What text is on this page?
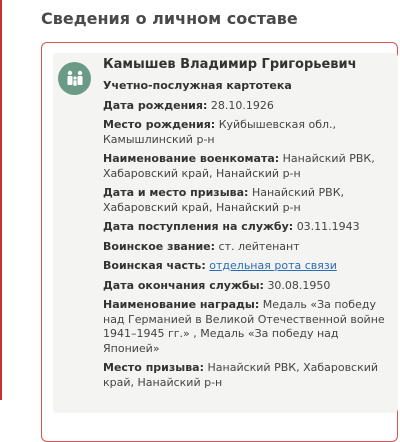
Сведения о личном составе
Камышев Владимир Григорьевич
Учетно-послужная картотека
Дата рождения: 28.10.1926
Место рождения: Куйбышевская обл., Камышлинский р-н
Наименование военкомата: Нанайский РВК, Хабаровский край, Нанайский р-н
Дата и место призыва: Нанайский РВК, Хабаровский край, Нанайский р-н
Дата поступления на службу: 03.11.1943
Воинское звание: ст. лейтенант
Воинская часть: отдельная рота связи
Дата окончания службы: 30.08.1950
Наименование награды: Медаль «За победу над Германией в Великой Отечественной войне 1941–1945 гг.» , Медаль «За победу над Японией»
Место призыва: Нанайский РВК, Хабаровский край, Нанайский р-н
